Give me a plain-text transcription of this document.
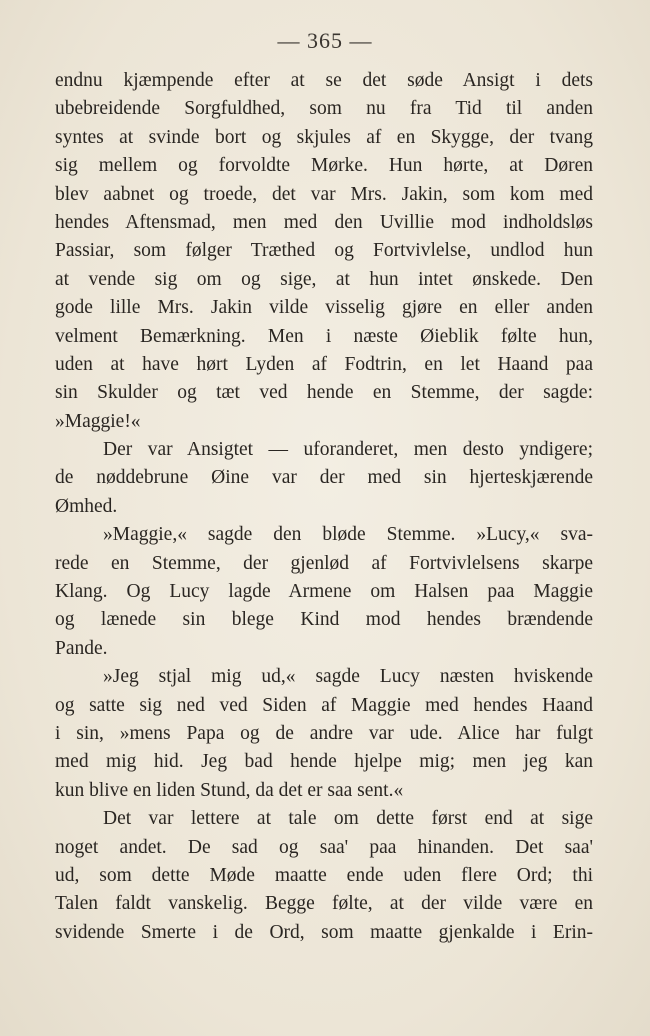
— 365 —
endnu kjæmpende efter at se det søde Ansigt i dets
ubebreidende Sorgfuldhed, som nu fra Tid til anden
syntes at svinde bort og skjules af en Skygge, der tvang
sig mellem og forvoldte Mørke. Hun hørte, at Døren
blev aabnet og troede, det var Mrs. Jakin, som kom med
hendes Aftensmad, men med den Uvillie mod indholdsløs
Passiar, som følger Træthed og Fortvivlelse, undlod hun
at vende sig om og sige, at hun intet ønskede. Den
gode lille Mrs. Jakin vilde visselig gjøre en eller anden
velment Bemærkning. Men i næste Øieblik følte hun,
uden at have hørt Lyden af Fodtrin, en let Haand paa
sin Skulder og tæt ved hende en Stemme, der sagde:
»Maggie!«
Der var Ansigtet — uforanderet, men desto yndigere;
de nøddebrune Øine var der med sin hjerteskjærende
Ømhed.
»Maggie,« sagde den bløde Stemme. »Lucy,« sva-
rede en Stemme, der gjenlød af Fortvivlelsens skarpe
Klang. Og Lucy lagde Armene om Halsen paa Maggie
og lænede sin blege Kind mod hendes brændende
Pande.
»Jeg stjal mig ud,« sagde Lucy næsten hviskende
og satte sig ned ved Siden af Maggie med hendes Haand
i sin, »mens Papa og de andre var ude. Alice har fulgt
med mig hid. Jeg bad hende hjelpe mig; men jeg kan
kun blive en liden Stund, da det er saa sent.«
Det var lettere at tale om dette først end at sige
noget andet. De sad og saa' paa hinanden. Det saa'
ud, som dette Møde maatte ende uden flere Ord; thi
Talen faldt vanskelig. Begge følte, at der vilde være en
svidende Smerte i de Ord, som maatte gjenkalde i Erin-
